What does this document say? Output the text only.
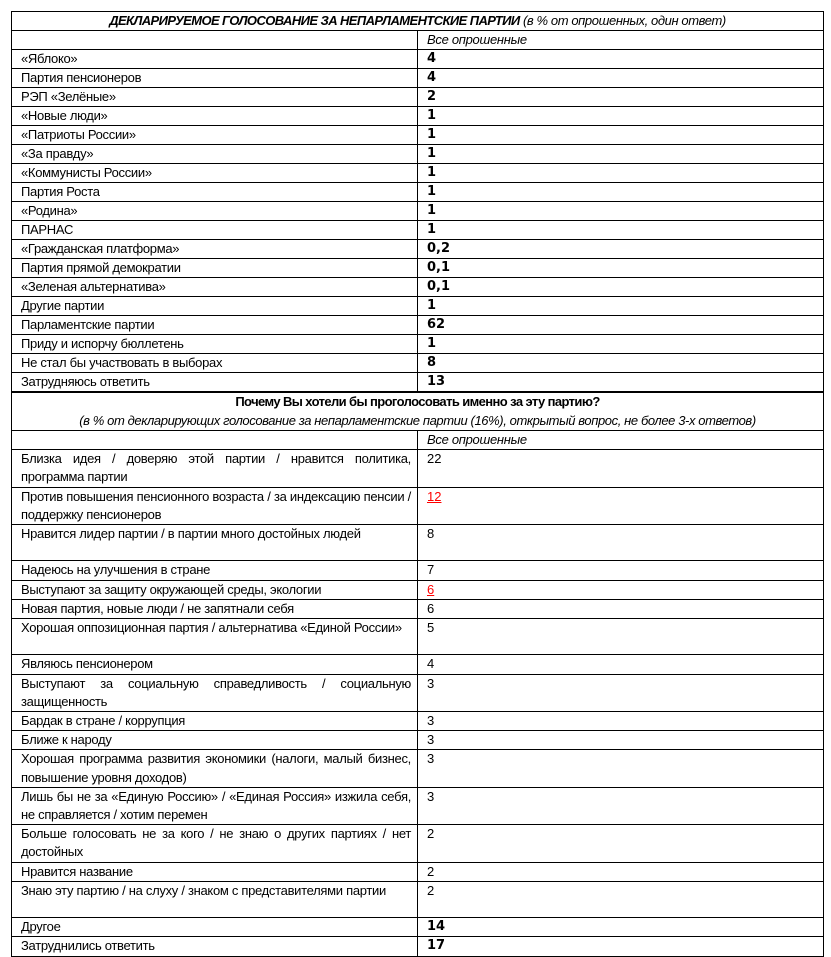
ДЕКЛАРИРУЕМОЕ ГОЛОСОВАНИЕ ЗА НЕПАРЛАМЕНТСКИЕ ПАРТИИ (в % от опрошенных, один ответ)	
	Все опрошенные
«Яблоко»	4
Партия пенсионеров	4
РЭП «Зелёные»	2
«Новые люди»	1
«Патриоты России»	1
«За правду»	1
«Коммунисты России»	1
Партия Роста	1
«Родина»	1
ПАРНАС	1
«Гражданская платформа»	0,2
Партия прямой демократии	0,1
«Зеленая альтернатива»	0,1
Другие партии	1
Парламентские партии	62
Приду и испорчу бюллетень	1
Не стал бы участвовать в выборах	8
Затрудняюсь ответить	13
Почему Вы хотели бы проголосовать именно за эту партию?
(в % от декларирующих голосование за непарламентские партии (16%), открытый вопрос, не более 3-х ответов)	

	Все опрошенные
Близка идея / доверяю этой партии / нравится политика, программа партии	22
Против повышения пенсионного возраста / за индексацию пенсии / поддержку пенсионеров	12
Нравится лидер партии / в партии много достойных людей	8
Надеюсь на улучшения в стране	7
Выступают за защиту окружающей среды, экологии	6
Новая партия, новые люди / не запятнали себя	6
Хорошая оппозиционная партия / альтернатива «Единой России»	5
Являюсь пенсионером	4
Выступают за социальную справедливость / социальную защищенность	3
Бардак в стране / коррупция	3
Ближе к народу	3
Хорошая программа развития экономики (налоги, малый бизнес, повышение уровня доходов)	3
Лишь бы не за «Единую Россию» / «Единая Россия» изжила себя, не справляется / хотим перемен	3
Больше голосовать не за кого / не знаю о других партиях / нет достойных	2
Нравится название	2
Знаю эту партию / на слуху / знаком с представителями партии	2
Другое	14
Затруднились ответить	17
